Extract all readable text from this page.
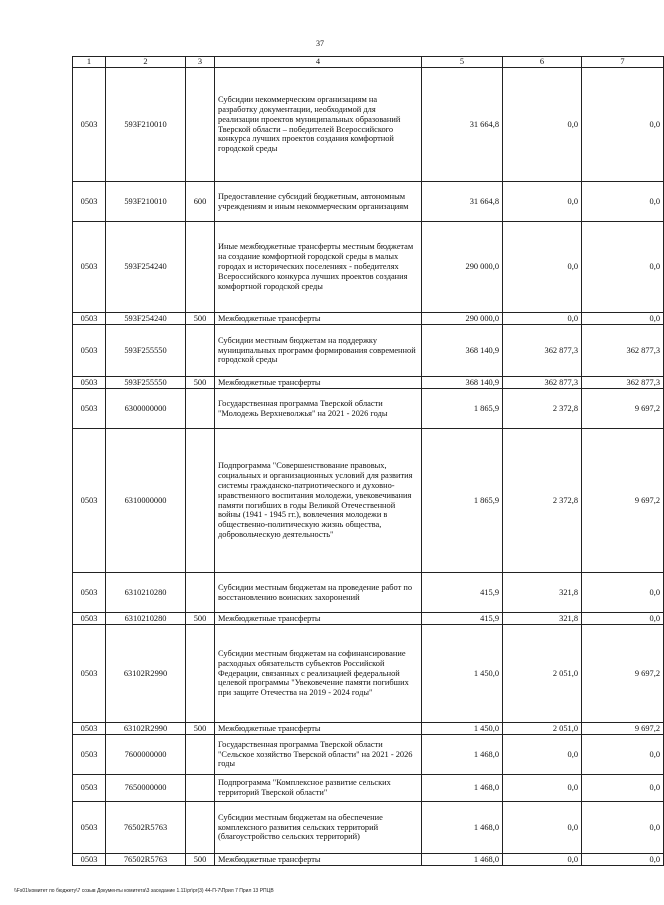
37
1	2	3	4	5	6	7
0503	593F210010		Субсидии некоммерческим организациям на разработку документации, необходимой для реализации проектов муниципальных образований Тверской области – победителей Всероссийского конкурса лучших проектов создания комфортной городской среды	31 664,8	0,0	0,0
0503	593F210010	600	Предоставление субсидий бюджетным, автономным учреждениям и иным некоммерческим организациям	31 664,8	0,0	0,0
0503	593F254240		Иные межбюджетные трансферты местным бюджетам на создание комфортной городской среды в малых городах и исторических поселениях - победителях Всероссийского конкурса лучших проектов создания комфортной городской среды	290 000,0	0,0	0,0
0503	593F254240	500	Межбюджетные трансферты	290 000,0	0,0	0,0
0503	593F255550		Субсидии местным бюджетам на поддержку муниципальных программ формирования современной городской среды	368 140,9	362 877,3	362 877,3
0503	593F255550	500	Межбюджетные трансферты	368 140,9	362 877,3	362 877,3
0503	6300000000		Государственная программа Тверской области "Молодежь Верхневолжья" на 2021 - 2026 годы	1 865,9	2 372,8	9 697,2
0503	6310000000		Подпрограмма "Совершенствование правовых, социальных и организационных условий для развития системы гражданско-патриотического и духовно-нравственного воспитания молодежи, увековечивания памяти погибших в годы Великой Отечественной войны (1941 - 1945 гг.), вовлечения молодежи в общественно-политическую жизнь общества, добровольческую деятельность"	1 865,9	2 372,8	9 697,2
0503	6310210280		Субсидии местным бюджетам на проведение работ по восстановлению воинских захоронений	415,9	321,8	0,0
0503	6310210280	500	Межбюджетные трансферты	415,9	321,8	0,0
0503	63102R2990		Субсидии местным бюджетам на софинансирование расходных обязательств субъектов Российской Федерации, связанных с реализацией федеральной целевой программы "Увековечение памяти погибших при защите Отечества на 2019 - 2024 годы"	1 450,0	2 051,0	9 697,2
0503	63102R2990	500	Межбюджетные трансферты	1 450,0	2 051,0	9 697,2
0503	7600000000		Государственная программа Тверской области "Сельское хозяйство Тверской области" на 2021 - 2026 годы	1 468,0	0,0	0,0
0503	7650000000		Подпрограмма "Комплексное развитие сельских территорий Тверской области"	1 468,0	0,0	0,0
0503	76502R5763		Субсидии местным бюджетам на обеспечение комплексного развития сельских территорий (благоустройство сельских территорий)	1 468,0	0,0	0,0
0503	76502R5763	500	Межбюджетные трансферты	1 468,0	0,0	0,0
\\Fs01\комитет по бюджету\7 созыв Документы комитета\3 заседание 1.11\pr\pr(3) 44-П-7\Прил 7 Прил 13 РПЦВ
